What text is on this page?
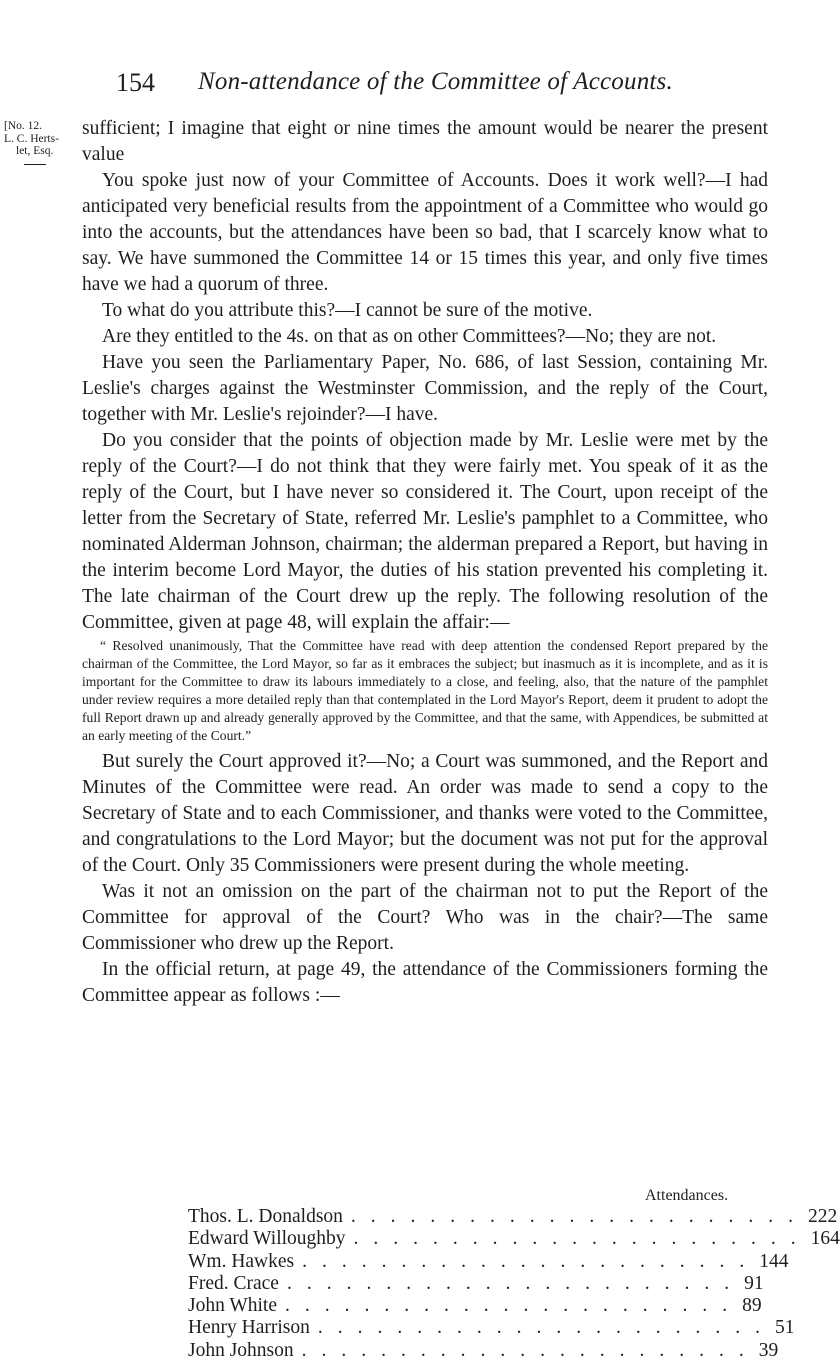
154 Non-attendance of the Committee of Accounts.
[No. 12.
L. C. Herts-
let, Esq.

sufficient; I imagine that eight or nine times the amount would be nearer the present value

You spoke just now of your Committee of Accounts. Does it work well?—I had anticipated very beneficial results from the appointment of a Committee who would go into the accounts, but the attendances have been so bad, that I scarcely know what to say. We have summoned the Committee 14 or 15 times this year, and only five times have we had a quorum of three.

To what do you attribute this?—I cannot be sure of the motive.

Are they entitled to the 4s. on that as on other Committees?—No; they are not.

Have you seen the Parliamentary Paper, No. 686, of last Session, containing Mr. Leslie's charges against the Westminster Commission, and the reply of the Court, together with Mr. Leslie's rejoinder?—I have.

Do you consider that the points of objection made by Mr. Leslie were met by the reply of the Court?—I do not think that they were fairly met. You speak of it as the reply of the Court, but I have never so considered it. The Court, upon receipt of the letter from the Secretary of State, referred Mr. Leslie's pamphlet to a Committee, who nominated Alderman Johnson, chairman; the alderman prepared a Report, but having in the interim become Lord Mayor, the duties of his station prevented his completing it. The late chairman of the Court drew up the reply. The following resolution of the Committee, given at page 48, will explain the affair:—

“ Resolved unanimously, That the Committee have read with deep attention the condensed Report prepared by the chairman of the Committee, the Lord Mayor, so far as it embraces the subject; but inasmuch as it is incomplete, and as it is important for the Committee to draw its labours immediately to a close, and feeling, also, that the nature of the pamphlet under review requires a more detailed reply than that contemplated in the Lord Mayor's Report, deem it prudent to adopt the full Report drawn up and already generally approved by the Committee, and that the same, with Appendices, be submitted at an early meeting of the Court.”

But surely the Court approved it?—No; a Court was summoned, and the Report and Minutes of the Committee were read. An order was made to send a copy to the Secretary of State and to each Commissioner, and thanks were voted to the Committee, and congratulations to the Lord Mayor; but the document was not put for the approval of the Court. Only 35 Commissioners were present during the whole meeting.

Was it not an omission on the part of the chairman not to put the Report of the Committee for approval of the Court? Who was in the chair?—The same Commissioner who drew up the Report.

In the official return, at page 49, the attendance of the Commissioners forming the Committee appear as follows :—

Attendances.
Thos. L. Donaldson ....................... 222
Edward Willoughby ....................... 164
Wm. Hawkes ....................... 144
Fred. Crace ....................... 91
John White ....................... 89
Henry Harrison ....................... 51
John Johnson ....................... 39
